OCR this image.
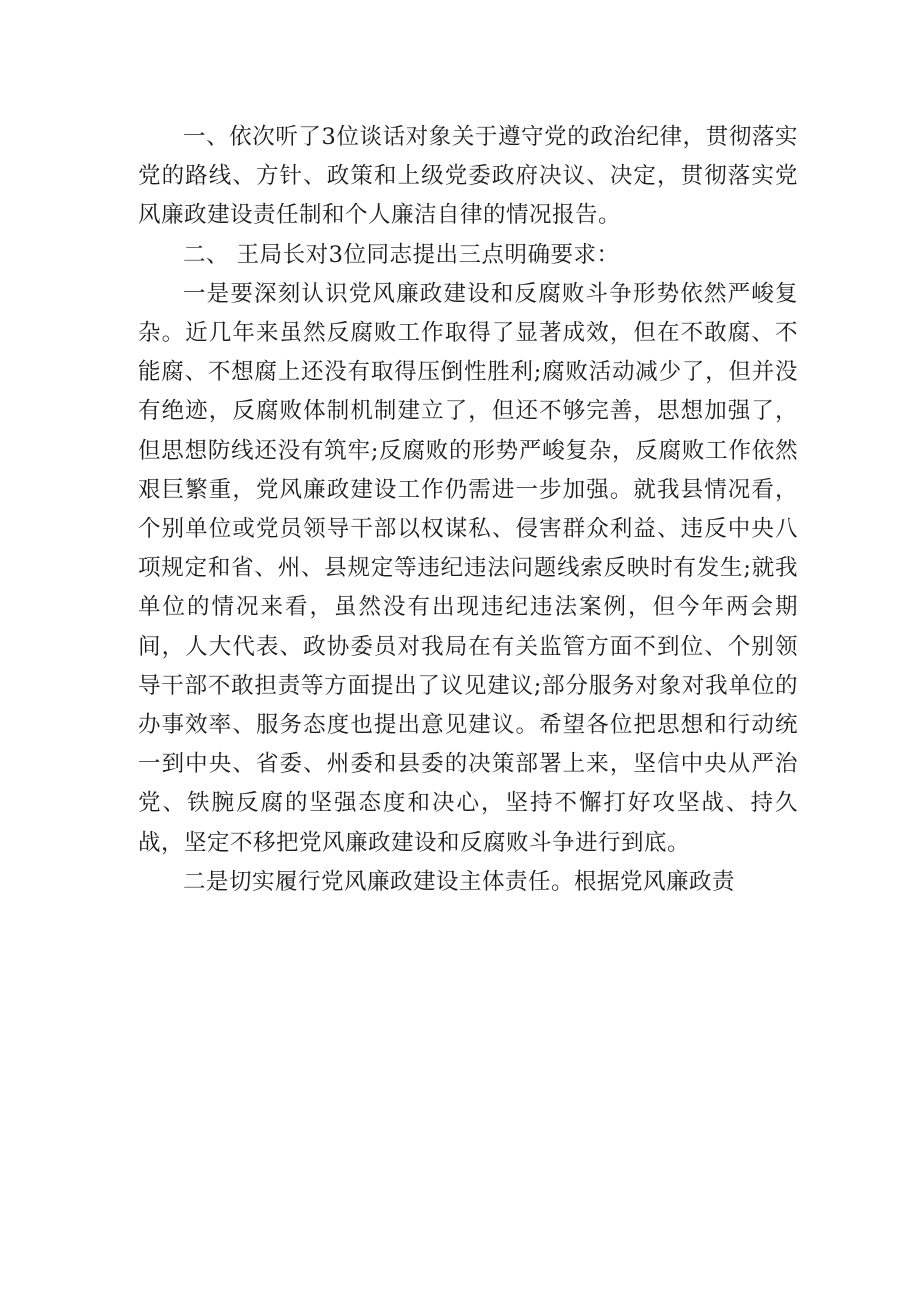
一、依次听了3位谈话对象关于遵守党的政治纪律，贯彻落实党的路线、方针、政策和上级党委政府决议、决定，贯彻落实党风廉政建设责任制和个人廉洁自律的情况报告。

二、 王局长对3位同志提出三点明确要求：

一是要深刻认识党风廉政建设和反腐败斗争形势依然严峻复杂。近几年来虽然反腐败工作取得了显著成效，但在不敢腐、不能腐、不想腐上还没有取得压倒性胜利;腐败活动减少了，但并没有绝迹，反腐败体制机制建立了，但还不够完善，思想加强了，但思想防线还没有筑牢;反腐败的形势严峻复杂，反腐败工作依然艰巨繁重，党风廉政建设工作仍需进一步加强。就我县情况看，个别单位或党员领导干部以权谋私、侵害群众利益、违反中央八项规定和省、州、县规定等违纪违法问题线索反映时有发生;就我单位的情况来看，虽然没有出现违纪违法案例，但今年两会期间，人大代表、政协委员对我局在有关监管方面不到位、个别领导干部不敢担责等方面提出了议见建议;部分服务对象对我单位的办事效率、服务态度也提出意见建议。希望各位把思想和行动统一到中央、省委、州委和县委的决策部署上来，坚信中央从严治党、铁腕反腐的坚强态度和决心，坚持不懈打好攻坚战、持久战，坚定不移把党风廉政建设和反腐败斗争进行到底。

二是切实履行党风廉政建设主体责任。根据党风廉政责
